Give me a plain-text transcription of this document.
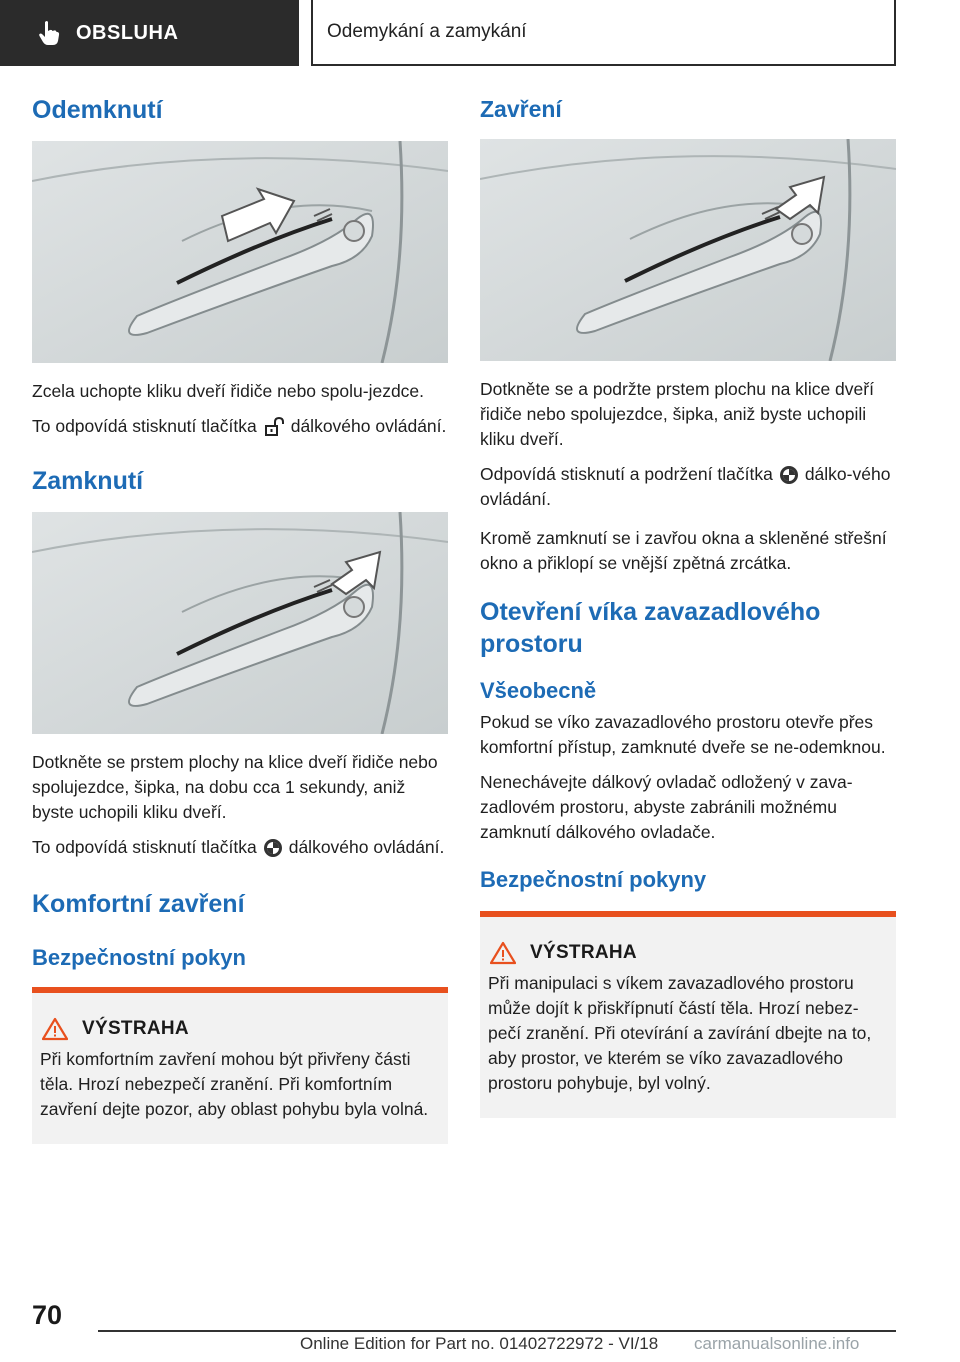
OBSLUHA	Odemykání a zamykání
Odemknutí

Zcela uchopte kliku dveří řidiče nebo spolu-jezdce.

To odpovídá stisknutí tlačítka dálkového ovládání.

Zamknutí

Dotkněte se prstem plochy na klice dveří řidiče nebo spolujezdce, šipka, na dobu cca 1 sekundy, aniž byste uchopili kliku dveří.

To odpovídá stisknutí tlačítka dálkového ovládání.

Komfortní zavření
Bezpečnostní pokyn
VÝSTRAHA

Při komfortním zavření mohou být přivřeny části těla. Hrozí nebezpečí zranění. Při komfortním zavření dejte pozor, aby oblast pohybu byla volná.

Zavření

Dotkněte se a podržte prstem plochu na klice dveří řidiče nebo spolujezdce, šipka, aniž byste uchopili kliku dveří.

Odpovídá stisknutí a podržení tlačítka dálko-vého ovládání.

Kromě zamknutí se i zavřou okna a skleněné střešní okno a přiklopí se vnější zpětná zrcátka.

Otevření víka zavazadlového prostoru
Všeobecně

Pokud se víko zavazadlového prostoru otevře přes komfortní přístup, zamknuté dveře se ne-odemknou.

Nenechávejte dálkový ovladač odložený v zava-zadlovém prostoru, abyste zabránili možnému zamknutí dálkového ovladače.

Bezpečnostní pokyny
VÝSTRAHA

Při manipulaci s víkem zavazadlového prostoru může dojít k přiskřípnutí částí těla. Hrozí nebez-pečí zranění. Při otevírání a zavírání dbejte na to, aby prostor, ve kterém se víko zavazadlového prostoru pohybuje, byl volný.

70
Online Edition for Part no. 01402722972 - VI/18 carmanualsonline.info
